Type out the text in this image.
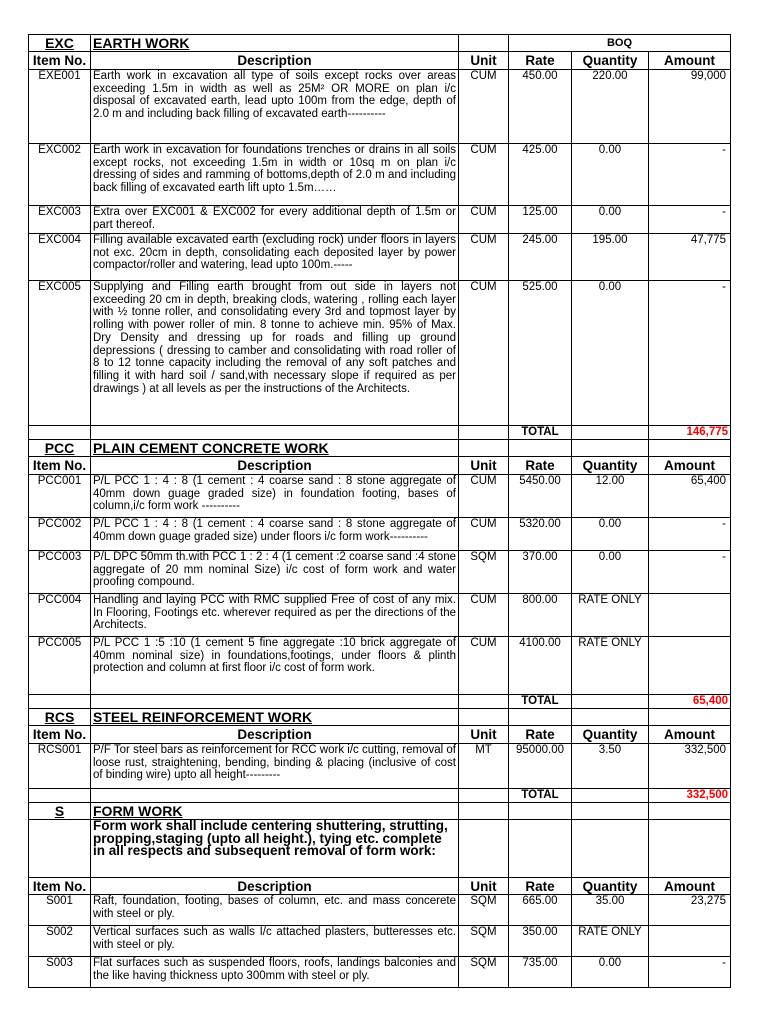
EXC	EARTH WORK		BOQ		
Item No.	Description	Unit	Rate	Quantity	Amount
EXE001	Earth work in excavation all type of soils except rocks over areas exceeding 1.5m in width as well as 25M² OR MORE on plan i/c disposal of excavated earth, lead upto 100m from the edge, depth of 2.0 m and including back filling of excavated earth----------	CUM	450.00	220.00	99,000
EXC002	Earth work in excavation for foundations trenches or drains in all soils except rocks, not exceeding 1.5m in width or 10sq m on plan i/c dressing of sides and ramming of bottoms,depth of 2.0 m and including back filling of excavated earth lift upto 1.5m……	CUM	425.00	0.00	-
EXC003	Extra over EXC001 & EXC002 for every additional depth of 1.5m or part thereof.	CUM	125.00	0.00	-
EXC004	Filling available excavated earth (excluding rock) under floors in layers not exc. 20cm in depth, consolidating each deposited layer by power compactor/roller and watering, lead upto 100m.-----	CUM	245.00	195.00	47,775
EXC005	Supplying and Filling earth brought from out side in layers not exceeding 20 cm in depth, breaking clods, watering , rolling each layer with ½ tonne roller, and consolidating every 3rd and topmost layer by rolling with power roller of min. 8 tonne to achieve min. 95% of Max. Dry Density and dressing up for roads and filling up ground depressions ( dressing to camber and consolidating with road roller of 8 to 12 tonne capacity including the removal of any soft patches and filling it with hard soil / sand,with necessary slope if required as per drawings ) at all levels as per the instructions of the Architects.	CUM	525.00	0.00	-
			TOTAL		146,775
PCC	PLAIN CEMENT CONCRETE WORK				
Item No.	Description	Unit	Rate	Quantity	Amount
PCC001	P/L PCC 1 : 4 : 8 (1 cement : 4 coarse sand : 8 stone aggregate of 40mm down guage graded size) in foundation footing, bases of column,i/c form work ----------	CUM	5450.00	12.00	65,400
PCC002	P/L PCC 1 : 4 : 8 (1 cement : 4 coarse sand : 8 stone aggregate of 40mm down guage graded size) under floors i/c form work----------	CUM	5320.00	0.00	-
PCC003	P/L DPC 50mm th.with PCC 1 : 2 : 4 (1 cement :2 coarse sand :4 stone aggregate of 20 mm nominal Size) i/c cost of form work and water proofing compound.	SQM	370.00	0.00	-
PCC004	Handling and laying PCC with RMC supplied Free of cost of any mix. In Flooring, Footings etc. wherever required as per the directions of the Architects.	CUM	800.00	RATE ONLY	
PCC005	P/L PCC 1 :5 :10 (1 cement 5 fine aggregate :10 brick aggregate of 40mm nominal size) in foundations,footings, under floors & plinth protection and column at first floor i/c cost of form work.	CUM	4100.00	RATE ONLY	
			TOTAL		65,400
RCS	STEEL REINFORCEMENT WORK				
Item No.	Description	Unit	Rate	Quantity	Amount
RCS001	P/F Tor steel bars as reinforcement for RCC work i/c cutting, removal of loose rust, straightening, bending, binding & placing (inclusive of cost of binding wire) upto all height---------	MT	95000.00	3.50	332,500
			TOTAL		332,500
S	FORM WORK				
	Form work shall include centering shuttering, strutting, propping,staging (upto all height.), tying etc. complete in all respects and subsequent removal of form work:				
Item No.	Description	Unit	Rate	Quantity	Amount
S001	Raft, foundation, footing, bases of column, etc. and mass concerete with steel or ply.	SQM	665.00	35.00	23,275
S002	Vertical surfaces such as walls I/c attached plasters, butteresses etc. with steel or ply.	SQM	350.00	RATE ONLY	
S003	Flat surfaces such as suspended floors, roofs, landings balconies and the like having thickness upto 300mm with steel or ply.	SQM	735.00	0.00	-
